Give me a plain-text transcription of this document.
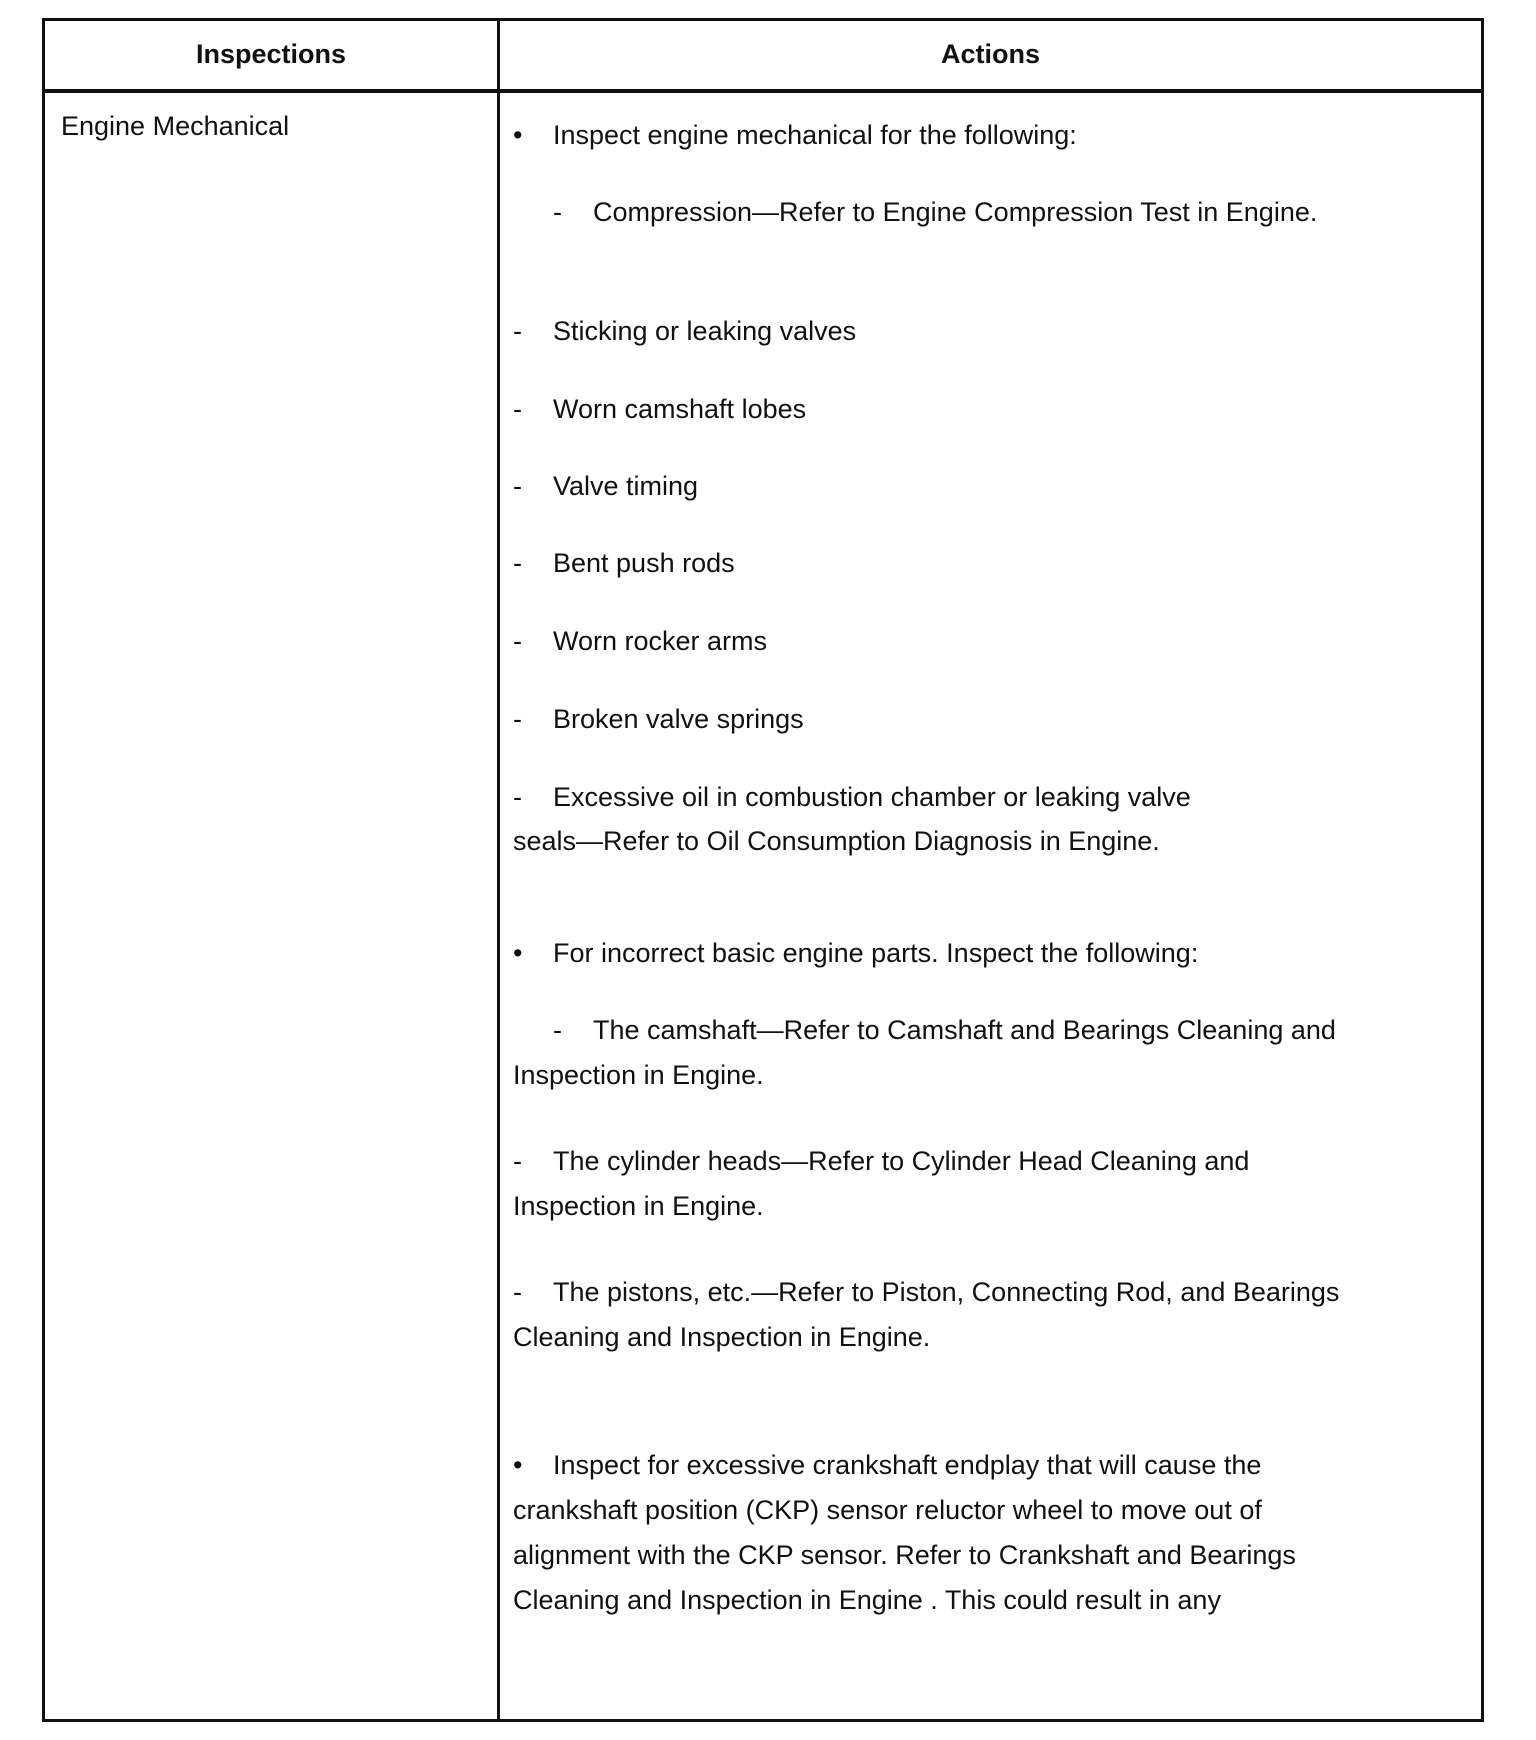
Inspections	Actions
Engine Mechanical	• Inspect engine mechanical for the following:
- Compression—Refer to Engine Compression Test in Engine.
- Sticking or leaking valves
- Worn camshaft lobes
- Valve timing
- Bent push rods
- Worn rocker arms
- Broken valve springs
- Excessive oil in combustion chamber or leaking valve
seals—Refer to Oil Consumption Diagnosis in Engine.
• For incorrect basic engine parts. Inspect the following:
- The camshaft—Refer to Camshaft and Bearings Cleaning and
Inspection in Engine.
- The cylinder heads—Refer to Cylinder Head Cleaning and
Inspection in Engine.
- The pistons, etc.—Refer to Piston, Connecting Rod, and Bearings
Cleaning and Inspection in Engine.
• Inspect for excessive crankshaft endplay that will cause the
crankshaft position (CKP) sensor reluctor wheel to move out of
alignment with the CKP sensor. Refer to Crankshaft and Bearings
Cleaning and Inspection in Engine . This could result in any
